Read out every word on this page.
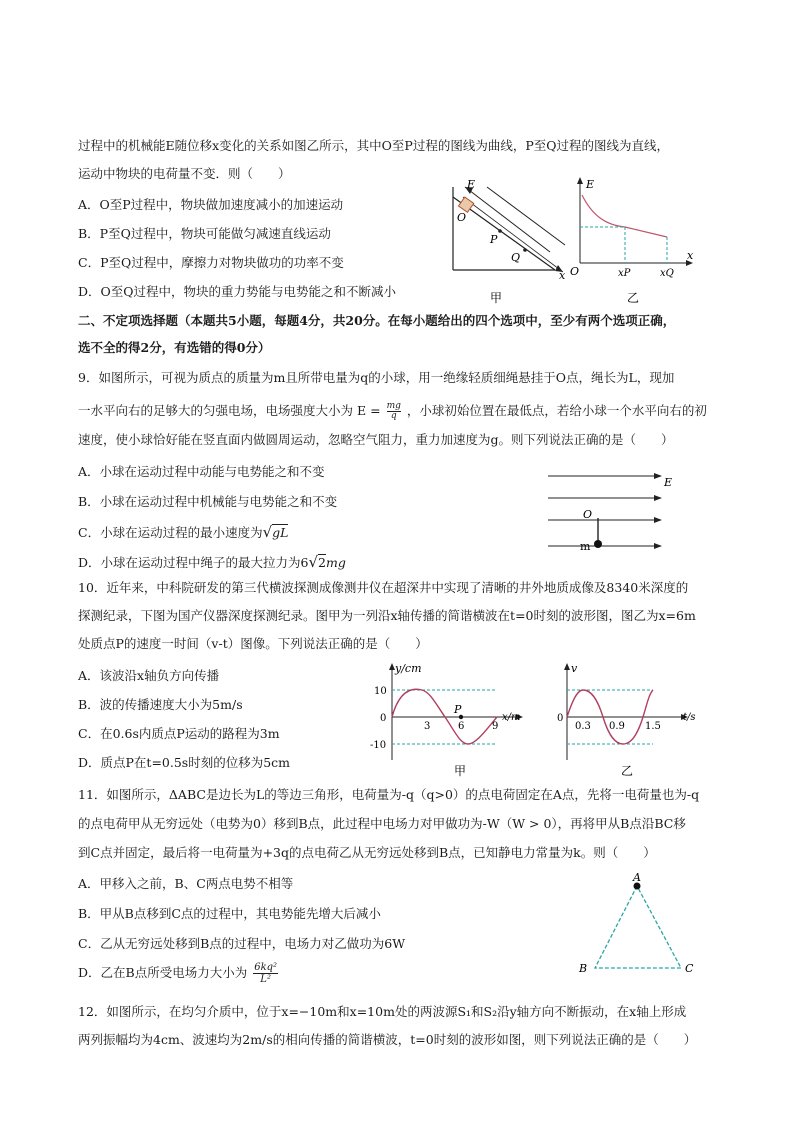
过程中的机械能E随位移x变化的关系如图乙所示，其中O至P过程的图线为曲线，P至Q过程的图线为直线，
运动中物块的电荷量不变．则（　　）
A．O至P过程中，物块做加速度减小的加速运动
B．P至Q过程中，物块可能做匀减速直线运动
C．P至Q过程中，摩擦力对物块做功的功率不变
D．O至Q过程中，物块的重力势能与电势能之和不断减小
E
O
P
Q
x
甲
E
O	xP	xQ
x
乙
二、不定项选择题（本题共5小题，每题4分，共20分。在每小题给出的四个选项中，至少有两个选项正确，
选不全的得2分，有选错的得0分）
9．如图所示，可视为质点的质量为m且所带电量为q的小球，用一绝缘轻质细绳悬挂于O点，绳长为L，现加
一水平向右的足够大的匀强电场，电场强度大小为 $E = \frac{mg}{q}$ ，小球初始位置在最低点，若给小球一个水平向右的初
速度，使小球恰好能在竖直面内做圆周运动，忽略空气阻力，重力加速度为g。则下列说法正确的是（　　）
A．小球在运动过程中动能与电势能之和不变
B．小球在运动过程中机械能与电势能之和不变
C．小球在运动过程的最小速度为√gL
D．小球在运动过程中绳子的最大拉力为6√2mg
E
O
m
10．近年来，中科院研发的第三代横波探测成像测井仪在超深井中实现了清晰的井外地质成像及8340米深度的
探测纪录，下图为国产仪器深度探测纪录。图甲为一列沿x轴传播的简谐横波在t=0时刻的波形图，图乙为x=6m
处质点P的速度一时间（v-t）图像。下列说法正确的是（　　）
A．该波沿x轴负方向传播
B．波的传播速度大小为5m/s
C．在0.6s内质点P运动的路程为3m
D．质点P在t=0.5s时刻的位移为5cm
y/cm
x/m
10
0
-10
3	6	9
P
甲
v
t/s
0
0.3 0.9 1.5
乙
11．如图所示，ΔABC是边长为L的等边三角形，电荷量为-q（q>0）的点电荷固定在A点，先将一电荷量也为-q
的点电荷甲从无穷远处（电势为0）移到B点，此过程中电场力对甲做功为-W（W > 0），再将甲从B点沿BC移
到C点并固定，最后将一电荷量为+3q的点电荷乙从无穷远处移到B点，已知静电力常量为k。则（　　）
A．甲移入之前，B、C两点电势不相等
B．甲从B点移到C点的过程中，其电势能先增大后减小
C．乙从无穷远处移到B点的过程中，电场力对乙做功为6W
D．乙在B点所受电场力大小为 $\frac{\text{6kq²}}{\text{L²}}$
A
B	C
12．如图所示，在均匀介质中，位于x=−10m和x=10m处的两波源S₁和S₂沿y轴方向不断振动，在x轴上形成
两列振幅均为4cm、波速均为2m/s的相向传播的简谐横波，t=0时刻的波形如图，则下列说法正确的是（　　）
